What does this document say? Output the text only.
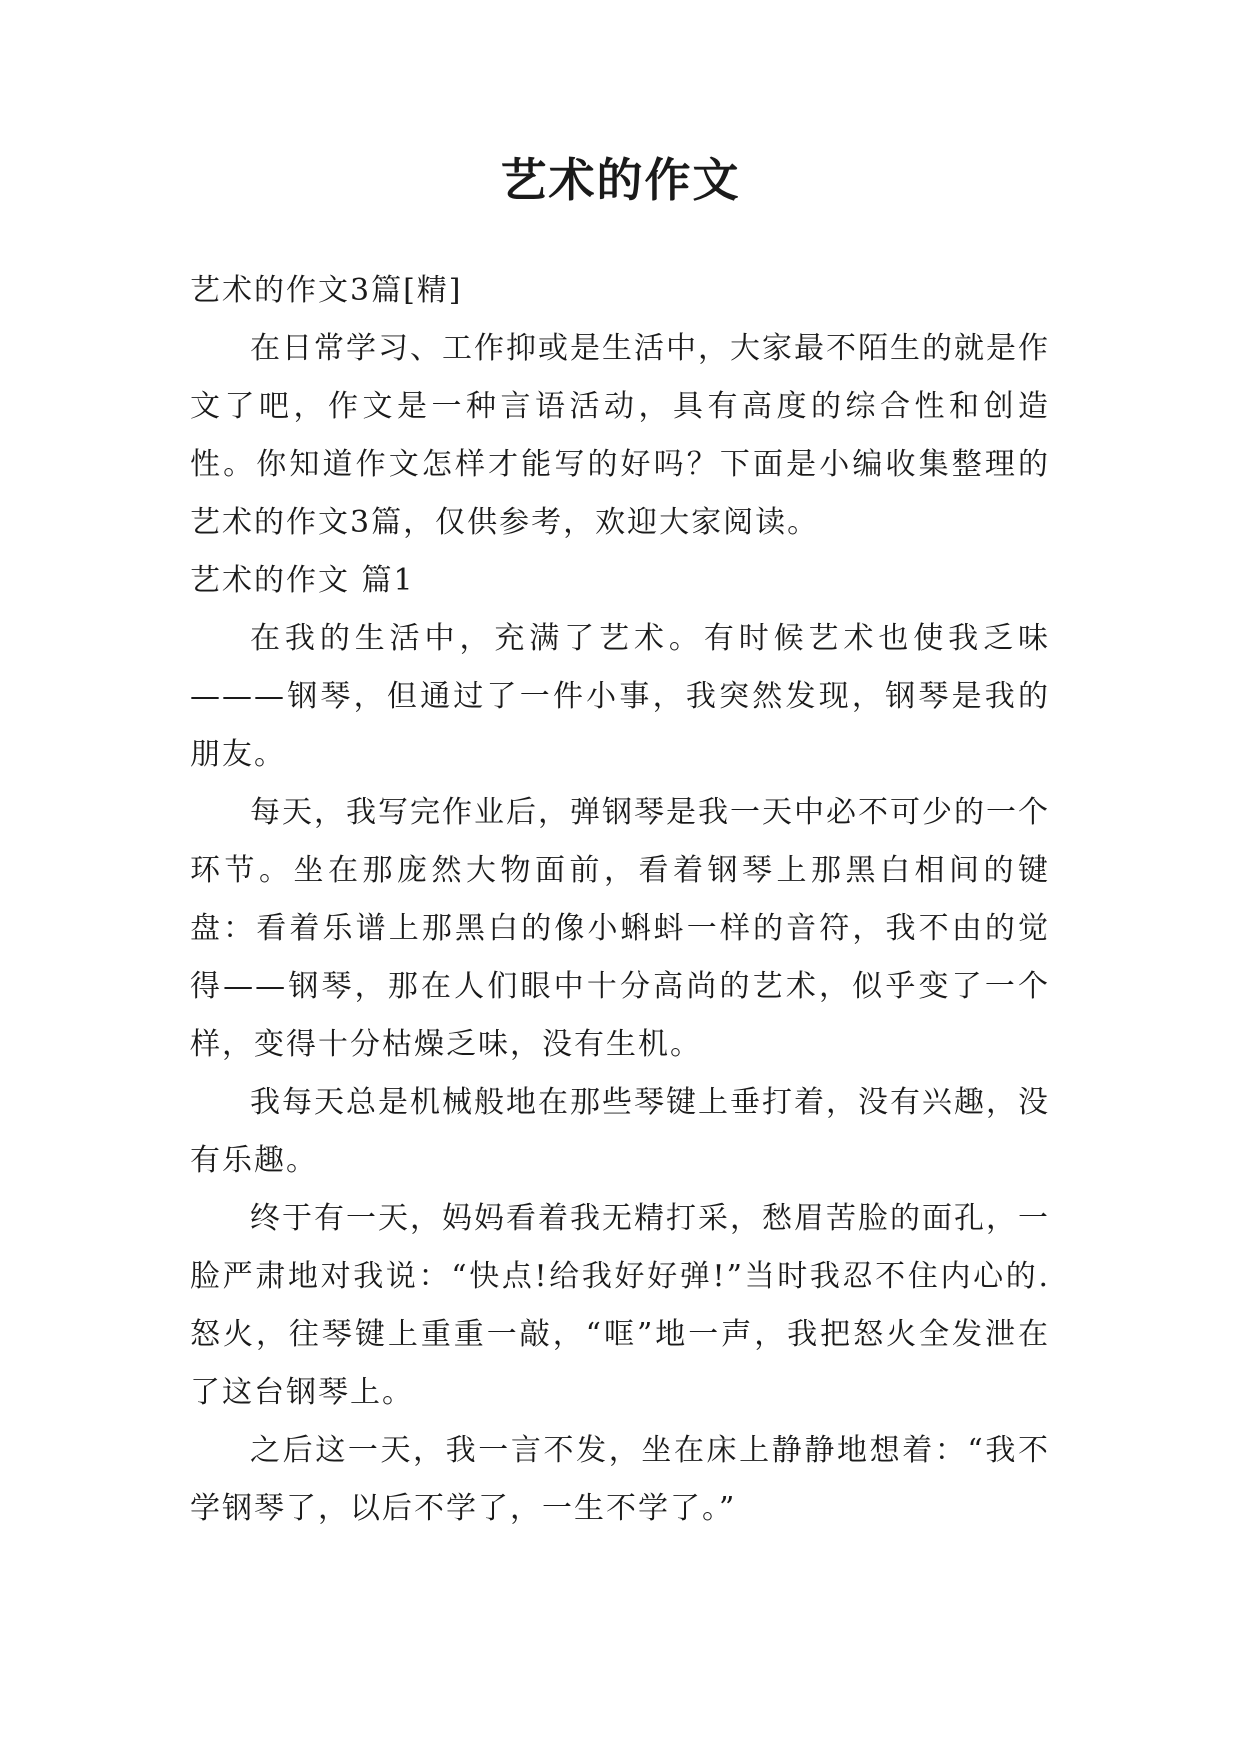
艺术的作文

艺术的作文3篇[精]

在日常学习、工作抑或是生活中，大家最不陌生的就是作文了吧，作文是一种言语活动，具有高度的综合性和创造性。你知道作文怎样才能写的好吗？下面是小编收集整理的艺术的作文3篇，仅供参考，欢迎大家阅读。

艺术的作文 篇1

在我的生活中，充满了艺术。有时候艺术也使我乏味———钢琴，但通过了一件小事，我突然发现，钢琴是我的朋友。

每天，我写完作业后，弹钢琴是我一天中必不可少的一个环节。坐在那庞然大物面前，看着钢琴上那黑白相间的键盘：看着乐谱上那黑白的像小蝌蚪一样的音符，我不由的觉得——钢琴，那在人们眼中十分高尚的艺术，似乎变了一个样，变得十分枯燥乏味，没有生机。

我每天总是机械般地在那些琴键上垂打着，没有兴趣，没有乐趣。

终于有一天，妈妈看着我无精打采，愁眉苦脸的面孔，一脸严肃地对我说：“快点!给我好好弹!”当时我忍不住内心的.怒火，往琴键上重重一敲，“哐”地一声，我把怒火全发泄在了这台钢琴上。

之后这一天，我一言不发，坐在床上静静地想着：“我不学钢琴了，以后不学了，一生不学了。”
